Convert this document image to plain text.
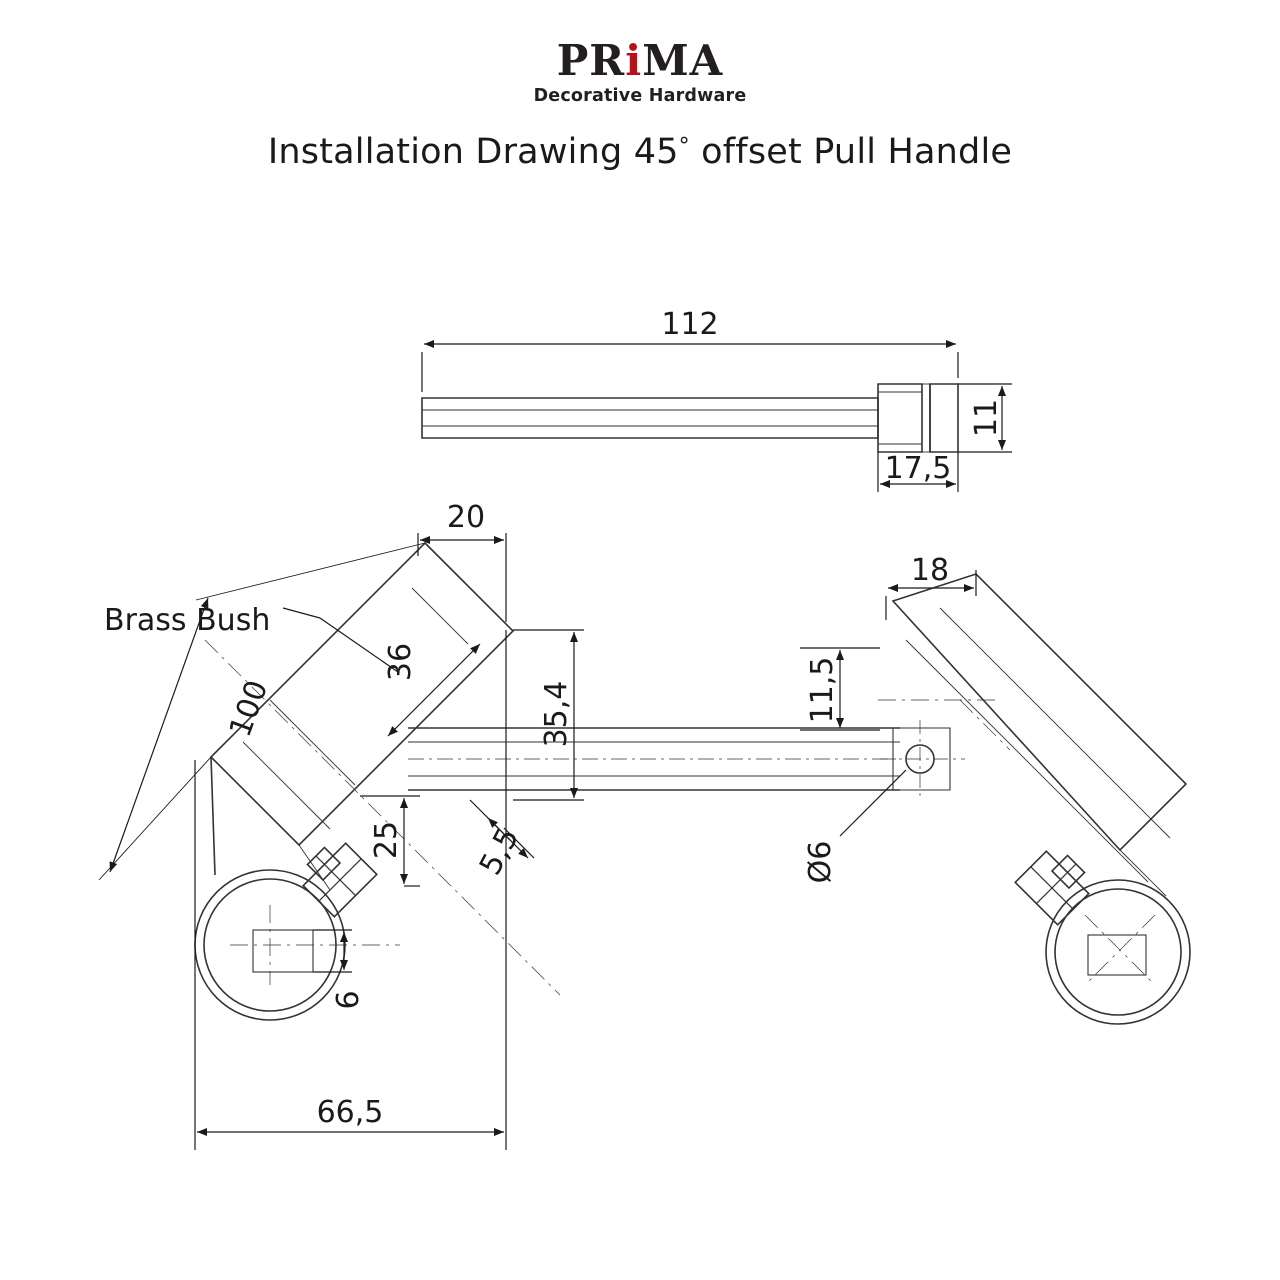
PRiMA
Decorative Hardware
Installation Drawing 45° offset Pull Handle
112
11
17,5
20
36
35,4
25 5,5
6
100
66,5
18
11,5
Ø6
Brass Bush
